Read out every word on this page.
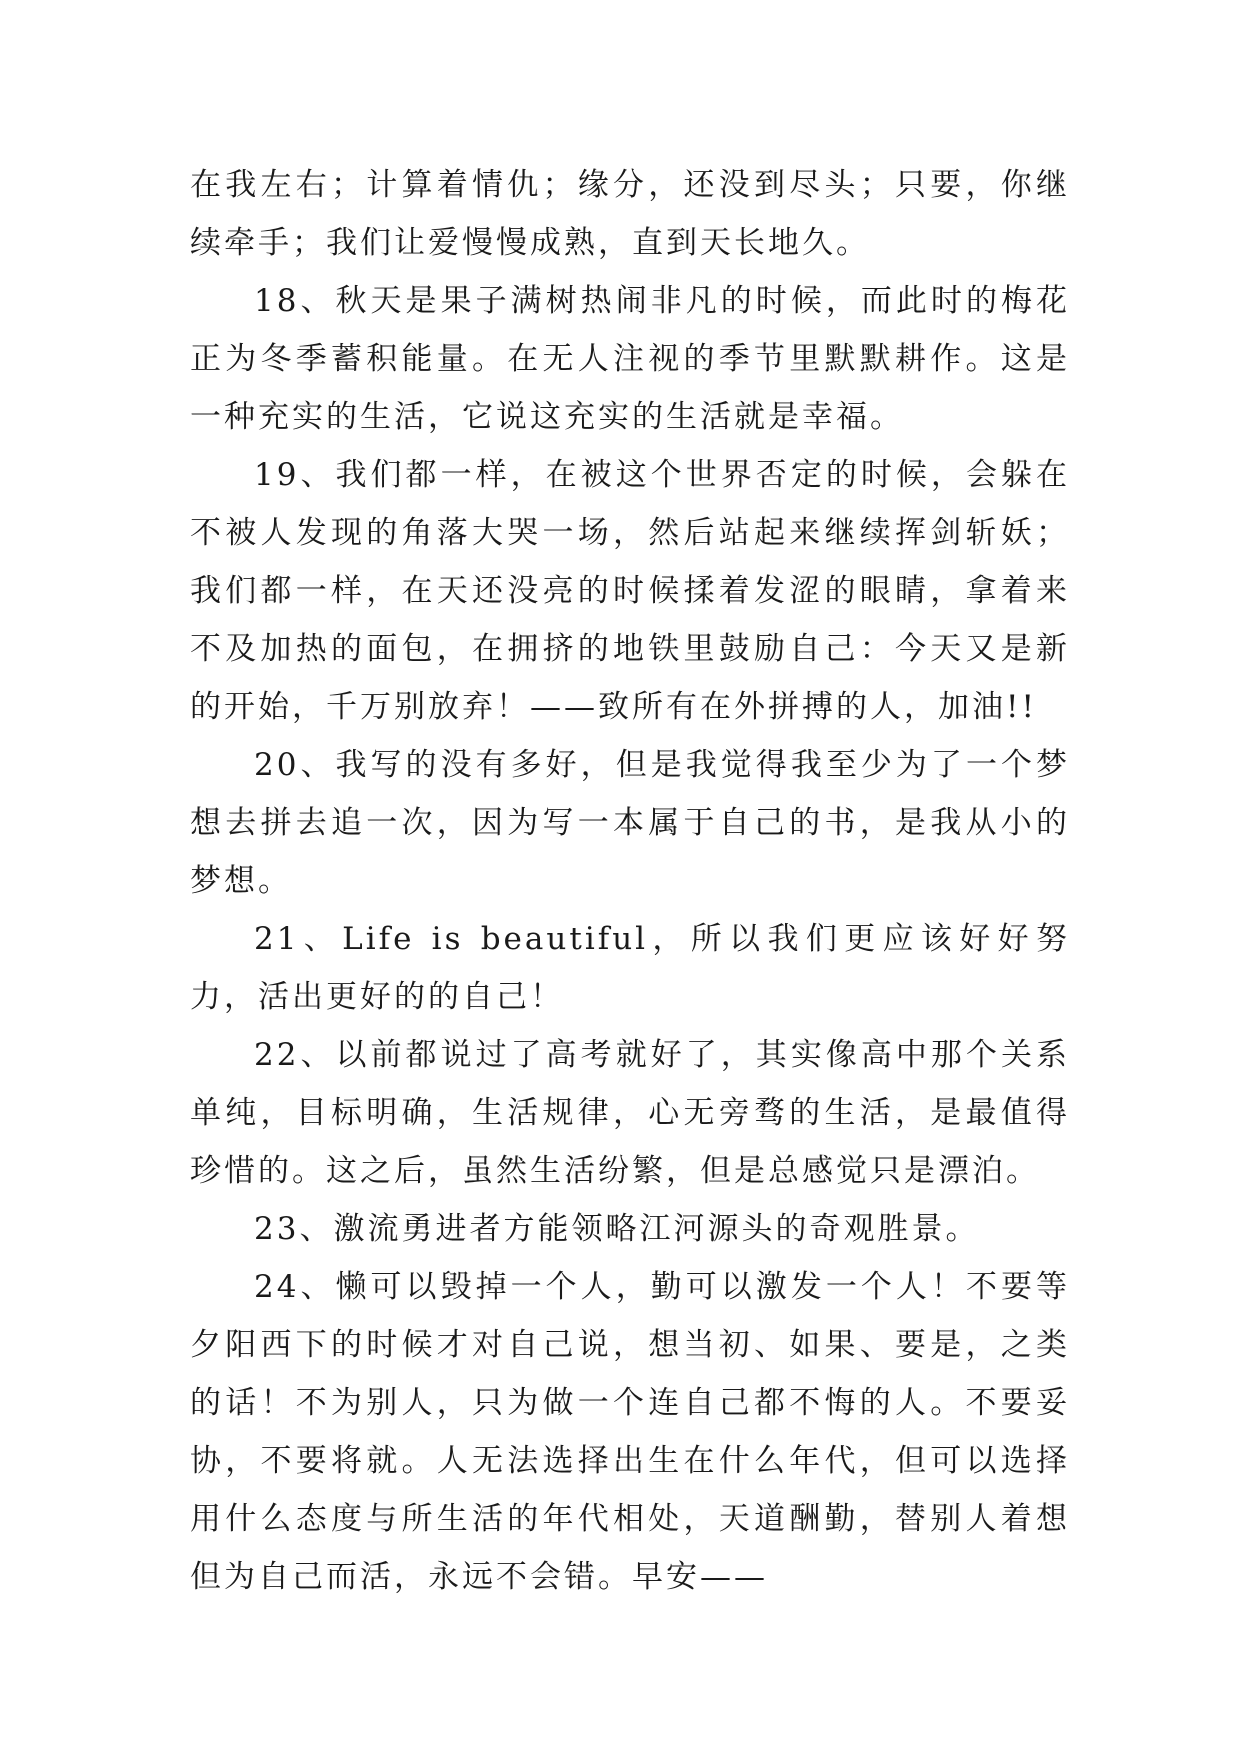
在我左右；计算着情仇；缘分，还没到尽头；只要，你继续牵手；我们让爱慢慢成熟，直到天长地久。

18、秋天是果子满树热闹非凡的时候，而此时的梅花正为冬季蓄积能量。在无人注视的季节里默默耕作。这是一种充实的生活，它说这充实的生活就是幸福。

19、我们都一样，在被这个世界否定的时候，会躲在不被人发现的角落大哭一场，然后站起来继续挥剑斩妖；我们都一样，在天还没亮的时候揉着发涩的眼睛，拿着来不及加热的面包，在拥挤的地铁里鼓励自己：今天又是新的开始，千万别放弃！——致所有在外拼搏的人，加油!!

20、我写的没有多好，但是我觉得我至少为了一个梦想去拼去追一次，因为写一本属于自己的书，是我从小的梦想。

21、Life is beautiful，所以我们更应该好好努力，活出更好的的自己！

22、以前都说过了高考就好了，其实像高中那个关系单纯，目标明确，生活规律，心无旁骛的生活，是最值得珍惜的。这之后，虽然生活纷繁，但是总感觉只是漂泊。

23、激流勇进者方能领略江河源头的奇观胜景。

24、懒可以毁掉一个人，勤可以激发一个人！不要等夕阳西下的时候才对自己说，想当初、如果、要是，之类的话！不为别人，只为做一个连自己都不悔的人。不要妥协，不要将就。人无法选择出生在什么年代，但可以选择用什么态度与所生活的年代相处，天道酬勤，替别人着想但为自己而活，永远不会错。早安——
